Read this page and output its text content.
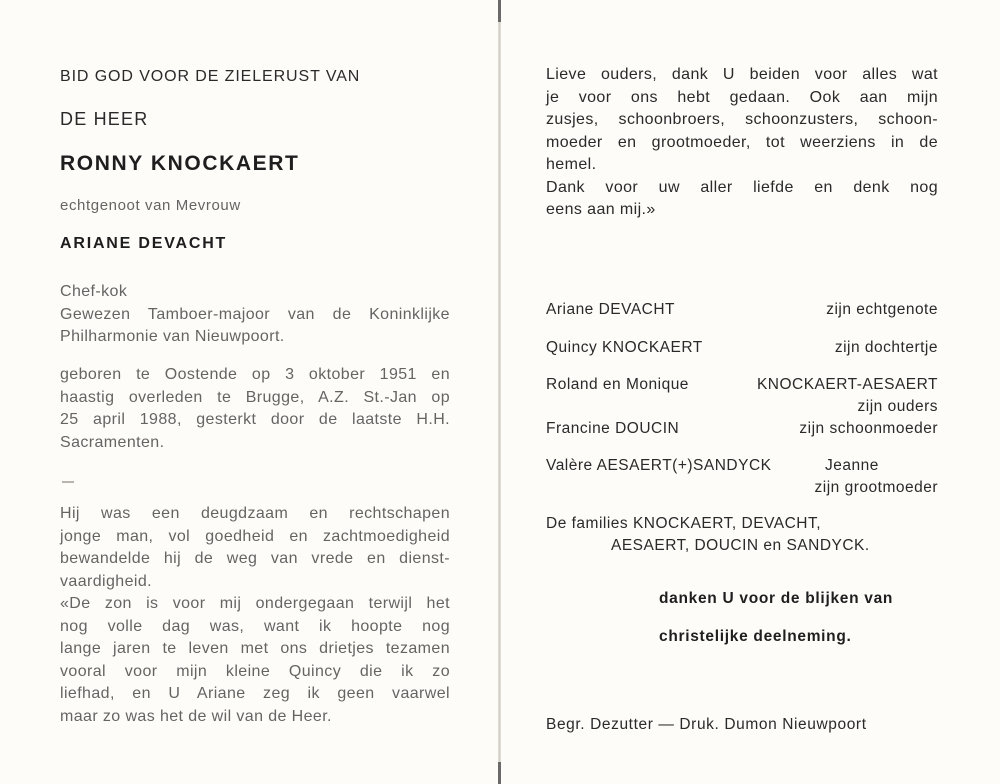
BID GOD VOOR DE ZIELERUST VAN
DE HEER
RONNY KNOCKAERT
echtgenoot van Mevrouw
ARIANE DEVACHT
Chef-kok
Gewezen Tamboer-majoor van de Koninklijke
Philharmonie van Nieuwpoort.
geboren te Oostende op 3 oktober 1951 en
haastig overleden te Brugge, A.Z. St.-Jan op
25 april 1988, gesterkt door de laatste H.H.
Sacramenten.
Hij was een deugdzaam en rechtschapen
jonge man, vol goedheid en zachtmoedigheid
bewandelde hij de weg van vrede en dienst-
vaardigheid.
«De zon is voor mij ondergegaan terwijl het
nog volle dag was, want ik hoopte nog
lange jaren te leven met ons drietjes tezamen
vooral voor mijn kleine Quincy die ik zo
liefhad, en U Ariane zeg ik geen vaarwel
maar zo was het de wil van de Heer.
Lieve ouders, dank U beiden voor alles wat
je voor ons hebt gedaan. Ook aan mijn
zusjes, schoonbroers, schoonzusters, schoon-
moeder en grootmoeder, tot weerziens in de
hemel.
Dank voor uw aller liefde en denk nog
eens aan mij.»
Ariane DEVACHT	zijn echtgenote
Quincy KNOCKAERT	zijn dochtertje
Roland en Monique	KNOCKAERT-AESAERT
zijn ouders
Francine DOUCIN	zijn schoonmoeder
Valère AESAERT(+)SANDYCK	Jeanne
zijn grootmoeder
De families KNOCKAERT, DEVACHT,
AESAERT, DOUCIN en SANDYCK.
danken U voor de blijken van
christelijke deelneming.
Begr. Dezutter — Druk. Dumon Nieuwpoort
